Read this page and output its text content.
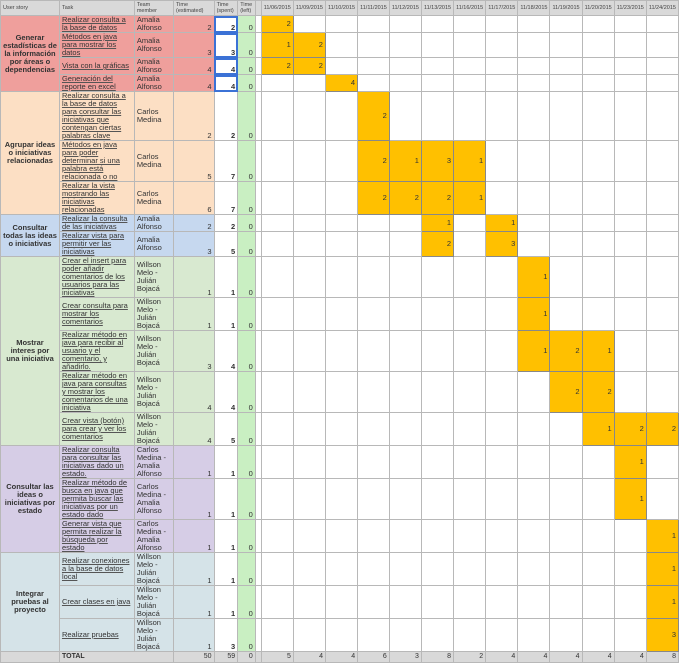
User story	Task	Team member	Time (estimated)	Time (spent)	Time (left)		11/06/2015	11/09/2015	11/10/2015	11/11/2015	11/12/2015	11/13/2015	11/16/2015	11/17/2015	11/18/2015	11/19/2015	11/20/2015	11/23/2015	11/24/2015
Generar estadísticas de la información por áreas o dependencias	Realizar consulta a la base de datos	Amalia Alfonso	2	2	0		2												
	Métodos en java para mostrar los datos	Amalia Alfonso	3	3	0		1	2											
	Vista con la gráficas	Amalia Alfonso	4	4	0		2	2											
	Generación del reporte en excel	Amalia Alfonso	4	4	0				4										
Agrupar ideas o iniciativas relacionadas	Realizar consulta a la base de datos para consultar las iniciativas que contengan ciertas palabras clave	Carlos Medina	2	2	0					2									
	Métodos en java para poder determinar si una palabra está relacionada o no	Carlos Medina	5	7	0					2	1	3	1						
	Realizar la vista mostrando las iniciativas relacionadas	Carlos Medina	6	7	0					2	2	2	1						
Consultar todas las ideas o iniciativas	Realizar la consulta de las iniciativas	Amalia Alfonso	2	2	0							1		1					
	Realizar vista para permitir ver las iniciativas	Amalia Alfonso	3	5	0							2		3					
Mostrar interes por una iniciativa	Crear el insert para poder añadir comentarios de los usuarios para las iniciativas	Willson Melo - Julián Bojacá	1	1	0										1				
	Crear consulta para mostrar los comentarios	Willson Melo - Julián Bojacá	1	1	0										1				
	Realizar método en java para recibir al usuario y el comentario, y añadirlo.	Willson Melo - Julián Bojacá	3	4	0										1	2	1		
	Realizar método en java para consultas y mostrar los comentarios de una iniciativa	Willson Melo - Julián Bojacá	4	4	0											2	2		
	Crear vista (botón) para crear y ver los comentarios	Willson Melo - Julián Bojacá	4	5	0												1	2	2
Consultar las ideas o iniciativas por estado	Realizar consulta para consultar las iniciativas dado un estado.	Carlos Medina - Amalia Alfonso	1	1	0													1	
	Realizar método de busca en java que permita buscar las iniciativas por un estado dado	Carlos Medina - Amalia Alfonso	1	1	0													1	
	Generar vista que permita realizar la búsqueda por estado	Carlos Medina - Amalia Alfonso	1	1	0														1
Integrar pruebas al proyecto	Realizar conexiones a la base de datos local	Willson Melo - Julián Bojacá	1	1	0														1
	Crear clases en java	Willson Melo - Julián Bojacá	1	1	0														1
	Realizar pruebas	Willson Melo - Julián Bojacá	1	3	0														3
	TOTAL		50	59	0		5	4	4	6	3	8	2	4	4	4	4	4	8
